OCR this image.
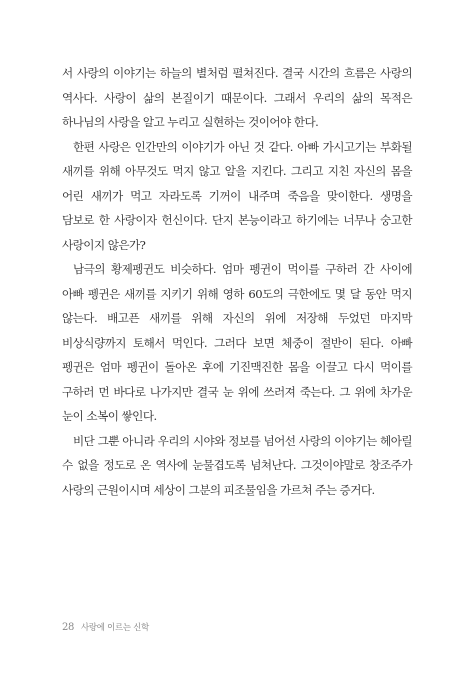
서 사랑의 이야기는 하늘의 별처럼 펼쳐진다. 결국 시간의 흐름은 사랑의 역사다. 사랑이 삶의 본질이기 때문이다. 그래서 우리의 삶의 목적은 하나님의 사랑을 알고 누리고 실현하는 것이어야 한다.

한편 사랑은 인간만의 이야기가 아닌 것 같다. 아빠 가시고기는 부화될 새끼를 위해 아무것도 먹지 않고 알을 지킨다. 그리고 지친 자신의 몸을 어린 새끼가 먹고 자라도록 기꺼이 내주며 죽음을 맞이한다. 생명을 담보로 한 사랑이자 헌신이다. 단지 본능이라고 하기에는 너무나 숭고한 사랑이지 않은가?

남극의 황제펭귄도 비슷하다. 엄마 펭귄이 먹이를 구하러 간 사이에 아빠 펭귄은 새끼를 지키기 위해 영하 60도의 극한에도 몇 달 동안 먹지 않는다. 배고픈 새끼를 위해 자신의 위에 저장해 두었던 마지막 비상식량까지 토해서 먹인다. 그러다 보면 체중이 절반이 된다. 아빠 펭귄은 엄마 펭귄이 돌아온 후에 기진맥진한 몸을 이끌고 다시 먹이를 구하러 먼 바다로 나가지만 결국 눈 위에 쓰러져 죽는다. 그 위에 차가운 눈이 소복이 쌓인다.

비단 그뿐 아니라 우리의 시야와 정보를 넘어선 사랑의 이야기는 헤아릴 수 없을 정도로 온 역사에 눈물겹도록 넘쳐난다. 그것이야말로 창조주가 사랑의 근원이시며 세상이 그분의 피조물임을 가르쳐 주는 증거다.

28 사랑에 이르는 신학
